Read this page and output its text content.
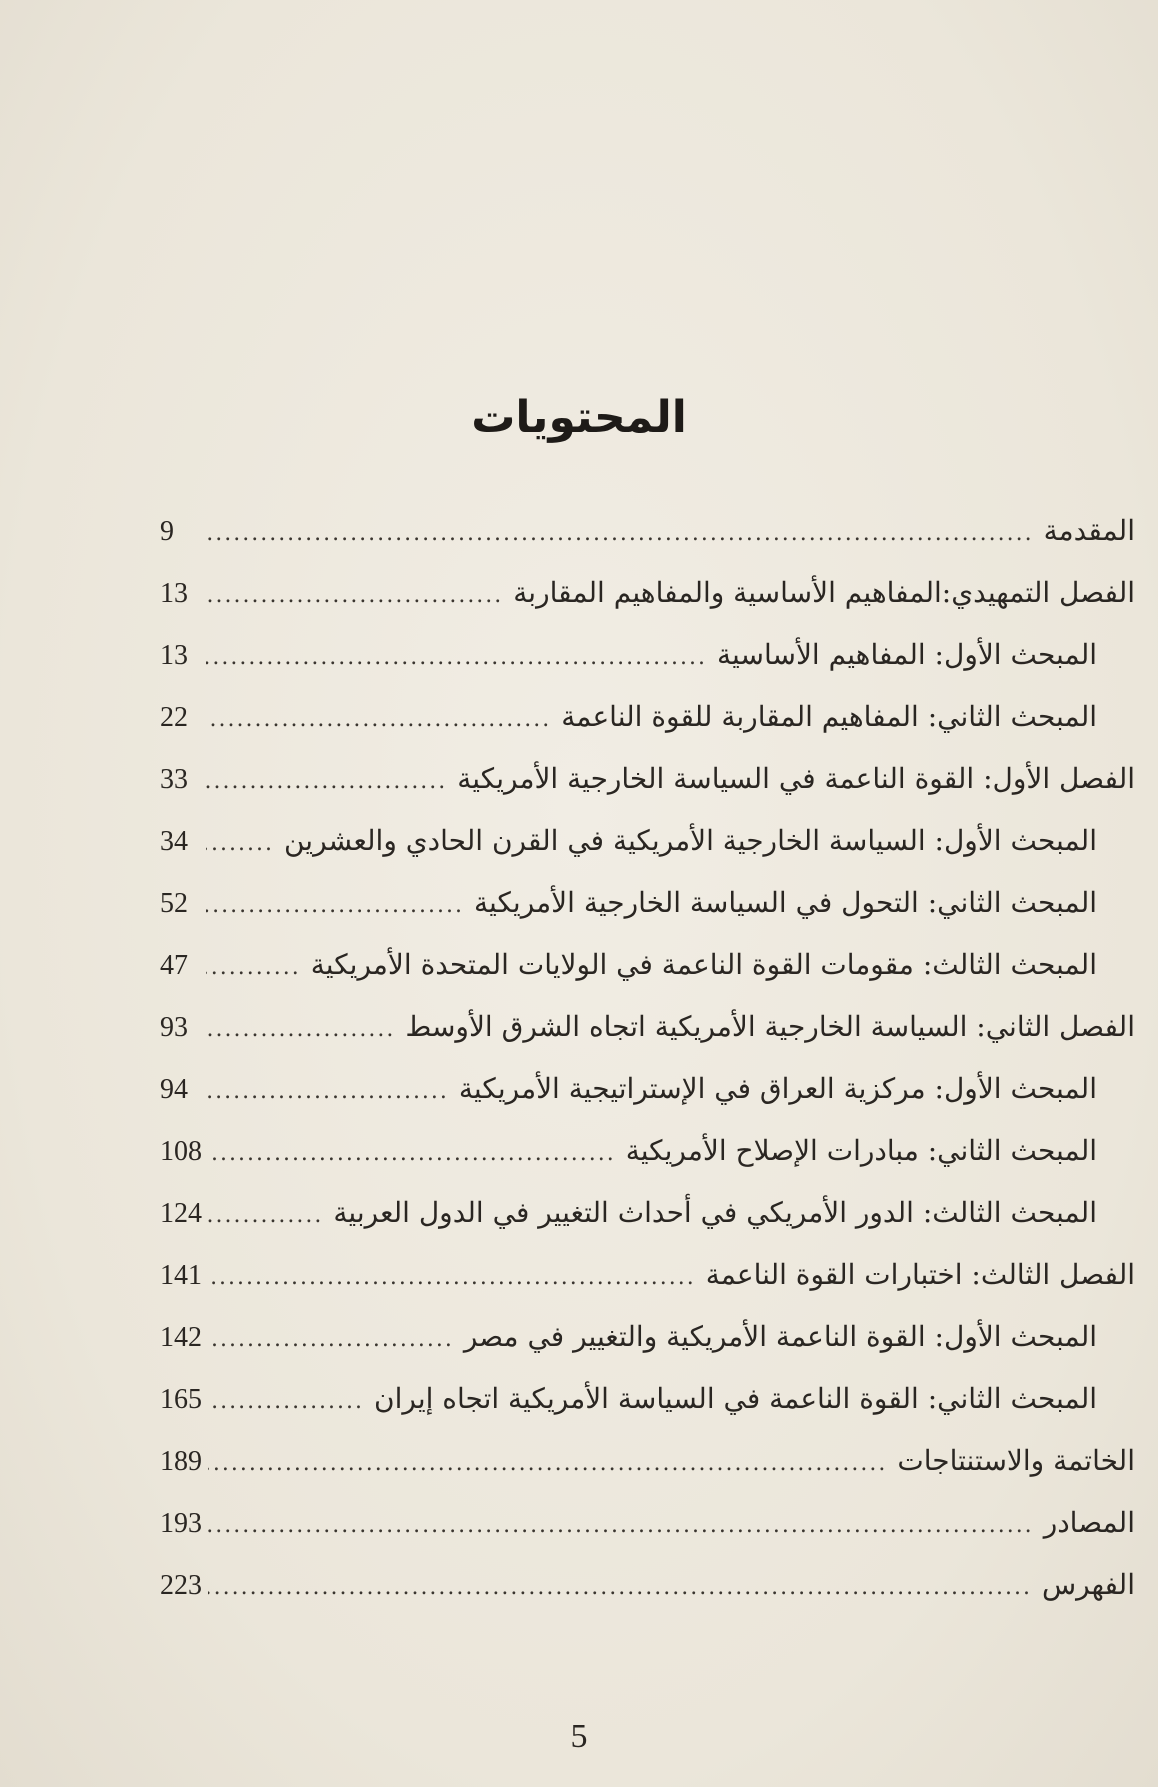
المحتويات
المقدمة
.....
9
الفصل التمهيدي:المفاهيم الأساسية والمفاهيم المقاربة
.....
13
المبحث الأول: المفاهيم الأساسية
.....
13
المبحث الثاني: المفاهيم المقاربة للقوة الناعمة
.....
22
الفصل الأول: القوة الناعمة في السياسة الخارجية الأمريكية
.....
33
المبحث الأول: السياسة الخارجية الأمريكية في القرن الحادي والعشرين
.....
34
المبحث الثاني: التحول في السياسة الخارجية الأمريكية
.....
52
المبحث الثالث: مقومات القوة الناعمة في الولايات المتحدة الأمريكية
.....
47
الفصل الثاني: السياسة الخارجية الأمريكية اتجاه الشرق الأوسط
.....
93
المبحث الأول: مركزية العراق في الإستراتيجية الأمريكية
.....
94
المبحث الثاني: مبادرات الإصلاح الأمريكية
.....
108
المبحث الثالث: الدور الأمريكي في أحداث التغيير في الدول العربية
.....
124
الفصل الثالث: اختبارات القوة الناعمة
.....
141
المبحث الأول: القوة الناعمة الأمريكية والتغيير في مصر
.....
142
المبحث الثاني: القوة الناعمة في السياسة الأمريكية اتجاه إيران
.....
165
الخاتمة والاستنتاجات
.....
189
المصادر
.....
193
الفهرس
.....
223
5
